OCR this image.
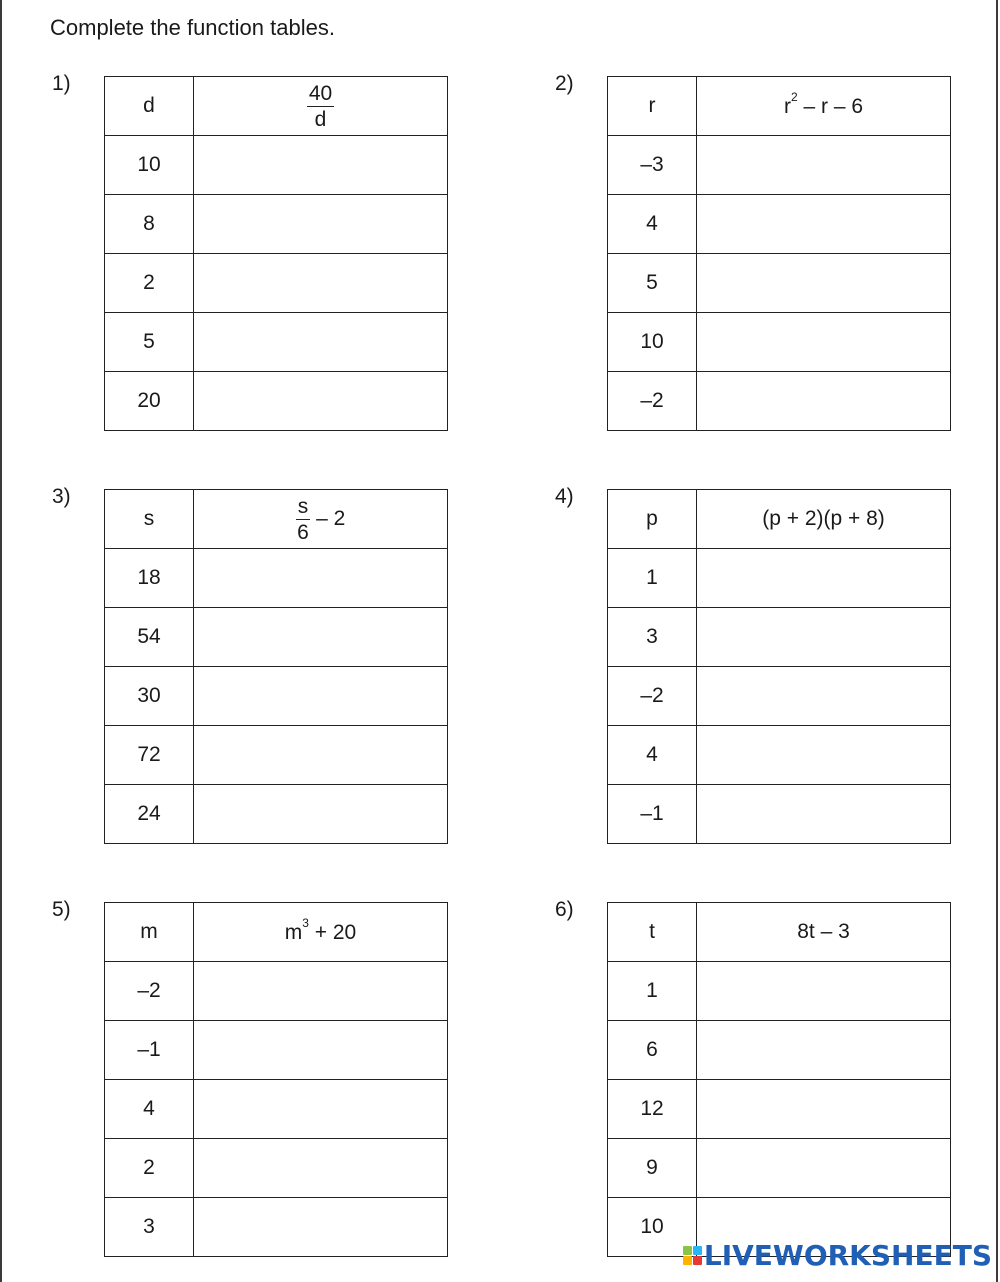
Complete the function tables.
1)
d	$\frac{40}{d}$

10	
8	
2	
5	
20	
2)
r	$r^2$ – r – 6
–3	
4	
5	
10	
–2	
3)
s	$\frac{s}{6} - 2$
18	
54	
30	
72	
24	
4)
p	(p + 2)(p + 8)
1	
3	
–2	
4	
–1	
5)
m	$m^3 + 20$
–2	
–1	
4	
2	
3	
6)
t	8t – 3
1	
6	
12	
9	
10	
LIVEWORKSHEETS
